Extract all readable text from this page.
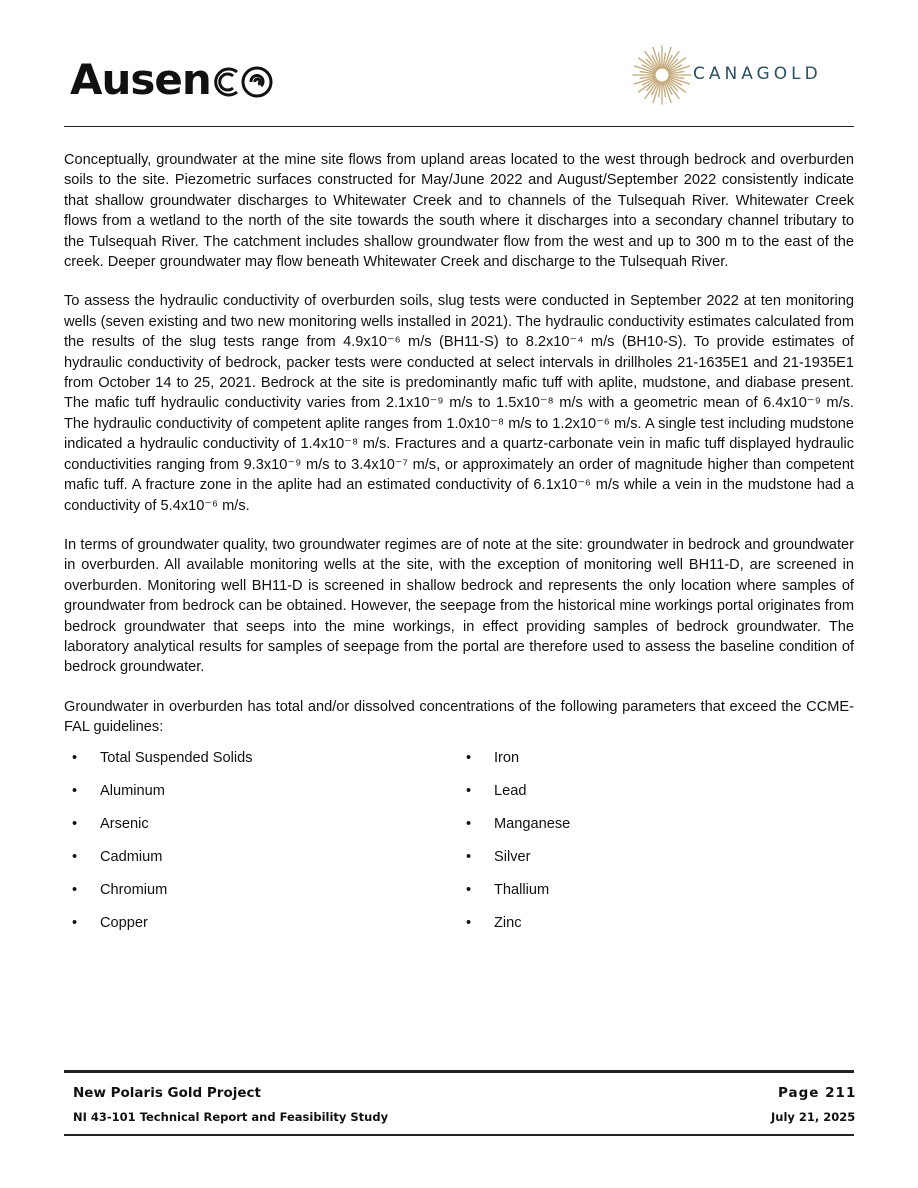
Ausen	CANAGOLD

Conceptually, groundwater at the mine site flows from upland areas located to the west through bedrock and overburden soils to the site. Piezometric surfaces constructed for May/June 2022 and August/September 2022 consistently indicate that shallow groundwater discharges to Whitewater Creek and to channels of the Tulsequah River. Whitewater Creek flows from a wetland to the north of the site towards the south where it discharges into a secondary channel tributary to the Tulsequah River. The catchment includes shallow groundwater flow from the west and up to 300 m to the east of the creek. Deeper groundwater may flow beneath Whitewater Creek and discharge to the Tulsequah River.

To assess the hydraulic conductivity of overburden soils, slug tests were conducted in September 2022 at ten monitoring wells (seven existing and two new monitoring wells installed in 2021). The hydraulic conductivity estimates calculated from the results of the slug tests range from 4.9x10⁻⁶ m/s (BH11-S) to 8.2x10⁻⁴ m/s (BH10-S). To provide estimates of hydraulic conductivity of bedrock, packer tests were conducted at select intervals in drillholes 21-1635E1 and 21-1935E1 from October 14 to 25, 2021. Bedrock at the site is predominantly mafic tuff with aplite, mudstone, and diabase present. The mafic tuff hydraulic conductivity varies from 2.1x10⁻⁹ m/s to 1.5x10⁻⁸ m/s with a geometric mean of 6.4x10⁻⁹ m/s. The hydraulic conductivity of competent aplite ranges from 1.0x10⁻⁸ m/s to 1.2x10⁻⁶ m/s. A single test including mudstone indicated a hydraulic conductivity of 1.4x10⁻⁸ m/s. Fractures and a quartz-carbonate vein in mafic tuff displayed hydraulic conductivities ranging from 9.3x10⁻⁹ m/s to 3.4x10⁻⁷ m/s, or approximately an order of magnitude higher than competent mafic tuff. A fracture zone in the aplite had an estimated conductivity of 6.1x10⁻⁶ m/s while a vein in the mudstone had a conductivity of 5.4x10⁻⁶ m/s.

In terms of groundwater quality, two groundwater regimes are of note at the site: groundwater in bedrock and groundwater in overburden. All available monitoring wells at the site, with the exception of monitoring well BH11-D, are screened in overburden. Monitoring well BH11-D is screened in shallow bedrock and represents the only location where samples of groundwater from bedrock can be obtained. However, the seepage from the historical mine workings portal originates from bedrock groundwater that seeps into the mine workings, in effect providing samples of bedrock groundwater. The laboratory analytical results for samples of seepage from the portal are therefore used to assess the baseline condition of bedrock groundwater.

Groundwater in overburden has total and/or dissolved concentrations of the following parameters that exceed the CCME-FAL guidelines:

• Total Suspended Solids
• Aluminum
• Arsenic
• Cadmium
• Chromium
• Copper
• Iron
• Lead
• Manganese
• Silver
• Thallium
• Zinc
New Polaris Gold Project
NI 43-101 Technical Report and Feasibility Study
Page 211
July 21, 2025
